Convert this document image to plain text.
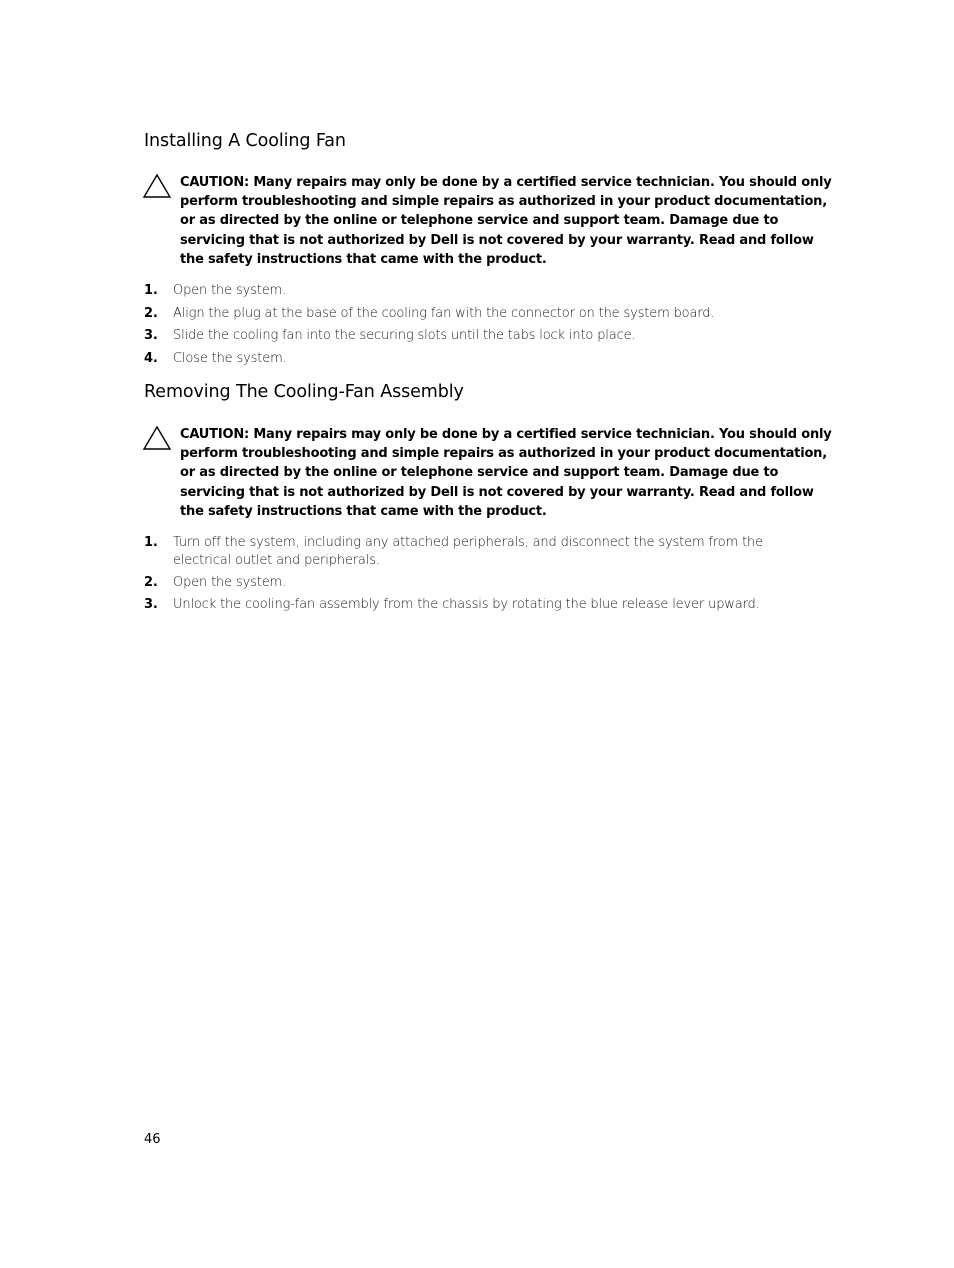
Installing A Cooling Fan
CAUTION: Many repairs may only be done by a certified service technician. You should only perform troubleshooting and simple repairs as authorized in your product documentation, or as directed by the online or telephone service and support team. Damage due to servicing that is not authorized by Dell is not covered by your warranty. Read and follow the safety instructions that came with the product.
1. Open the system.
2. Align the plug at the base of the cooling fan with the connector on the system board.
3. Slide the cooling fan into the securing slots until the tabs lock into place.
4. Close the system.
Removing The Cooling-Fan Assembly
CAUTION: Many repairs may only be done by a certified service technician. You should only perform troubleshooting and simple repairs as authorized in your product documentation, or as directed by the online or telephone service and support team. Damage due to servicing that is not authorized by Dell is not covered by your warranty. Read and follow the safety instructions that came with the product.
1. Turn off the system, including any attached peripherals, and disconnect the system from the electrical outlet and peripherals.
2. Open the system.
3. Unlock the cooling-fan assembly from the chassis by rotating the blue release lever upward.
46
